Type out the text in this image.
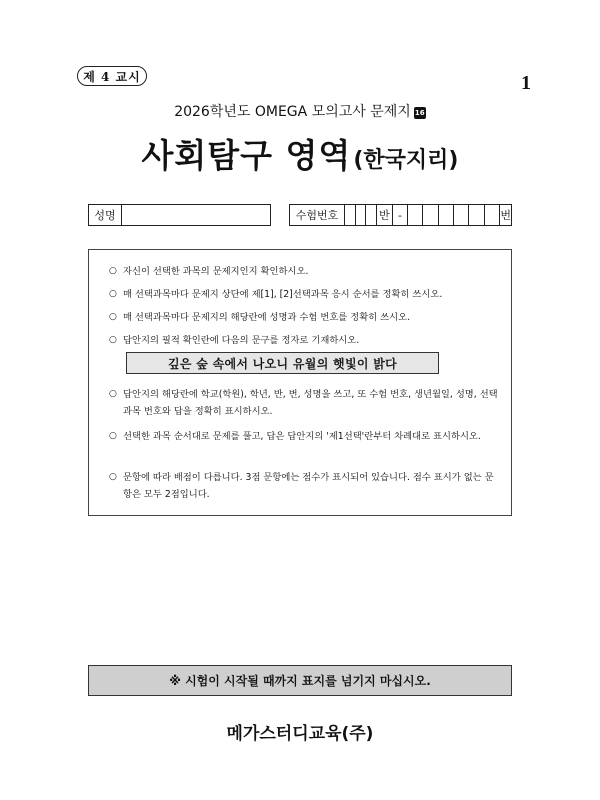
제 4 교시	1
2026학년도 OMEGA 모의고사 문제지 16
사회탐구 영역(한국지리)
성명	수험번호	반 -	번
○ 자신이 선택한 과목의 문제지인지 확인하시오.
○ 매 선택과목마다 문제지 상단에 제[1], [2]선택과목 응시 순서를 정확히 쓰시오.
○ 매 선택과목마다 문제지의 해당란에 성명과 수험 번호를 정확히 쓰시오.
○ 답안지의 필적 확인란에 다음의 문구를 정자로 기재하시오.
깊은 숲 속에서 나오니 유월의 햇빛이 밝다
○ 답안지의 해당란에 학교(학원), 학년, 반, 번, 성명을 쓰고, 또 수험 번호, 생년월일, 성명, 선택과목 번호와 답을 정확히 표시하시오.
○ 선택한 과목 순서대로 문제를 풀고, 답은 답안지의 '제1선택'란부터 차례대로 표시하시오.
○ 문항에 따라 배점이 다릅니다. 3점 문항에는 점수가 표시되어 있습니다. 점수 표시가 없는 문항은 모두 2점입니다.
※ 시험이 시작될 때까지 표지를 넘기지 마십시오.
메가스터디교육(주)
